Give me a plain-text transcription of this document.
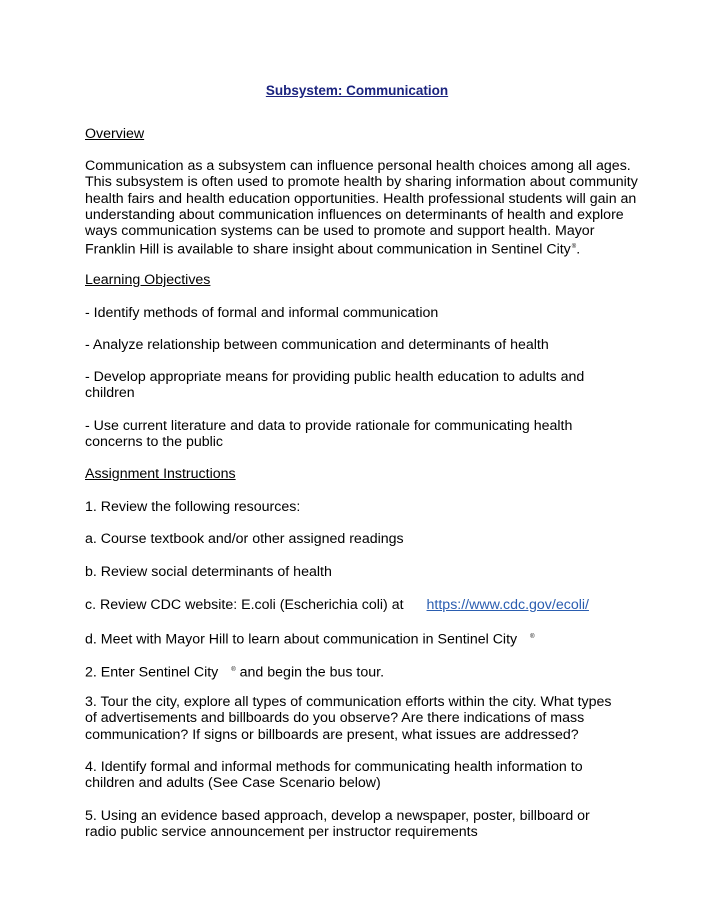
Subsystem: Communication
Overview
Communication as a subsystem can influence personal health choices among all ages.
This subsystem is often used to promote health by sharing information about community
health fairs and health education opportunities. Health professional students will gain an
understanding about communication influences on determinants of health and explore
ways communication systems can be used to promote and support health. Mayor
Franklin Hill is available to share insight about communication in Sentinel City®.
Learning Objectives
- Identify methods of formal and informal communication
- Analyze relationship between communication and determinants of health
- Develop appropriate means for providing public health education to adults and
children
- Use current literature and data to provide rationale for communicating health
concerns to the public
Assignment Instructions
1. Review the following resources:
a. Course textbook and/or other assigned readings
b. Review social determinants of health
c. Review CDC website: E.coli (Escherichia coli) at https://www.cdc.gov/ecoli/
d. Meet with Mayor Hill to learn about communication in Sentinel City ®
2. Enter Sentinel City ® and begin the bus tour.
3. Tour the city, explore all types of communication efforts within the city. What types
of advertisements and billboards do you observe? Are there indications of mass
communication? If signs or billboards are present, what issues are addressed?
4. Identify formal and informal methods for communicating health information to
children and adults (See Case Scenario below)
5. Using an evidence based approach, develop a newspaper, poster, billboard or
radio public service announcement per instructor requirements
